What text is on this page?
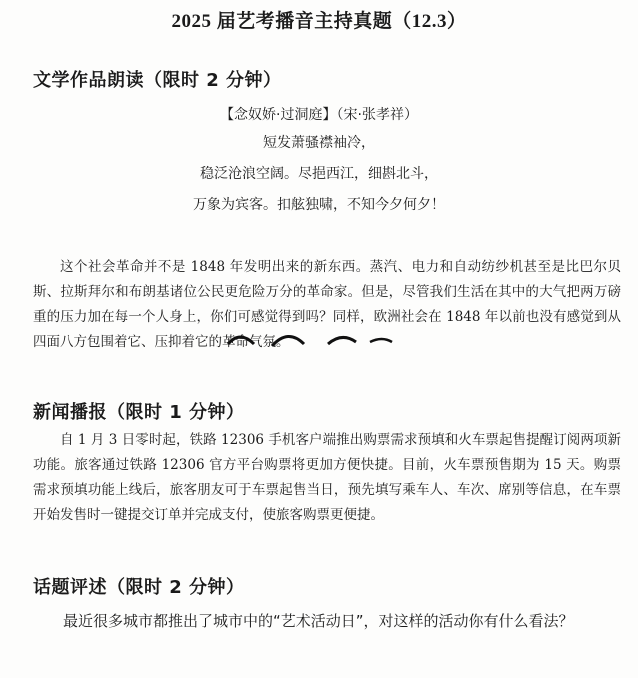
2025 届艺考播音主持真题（12.3）
文学作品朗读（限时 2 分钟）
【念奴娇·过洞庭】（宋·张孝祥）
短发萧骚襟袖冷，
稳泛沧浪空阔。尽挹西江，细斟北斗，
万象为宾客。扣舷独啸，不知今夕何夕！
这个社会革命并不是 1848 年发明出来的新东西。蒸汽、电力和自动纺纱机甚至是比巴尔贝斯、拉斯拜尔和布朗基诸位公民更危险万分的革命家。但是，尽管我们生活在其中的大气把两万磅重的压力加在每一个人身上，你们可感觉得到吗？同样，欧洲社会在 1848 年以前也没有感觉到从四面八方包围着它、压抑着它的革命气氛。
新闻播报（限时 1 分钟）
自 1 月 3 日零时起，铁路 12306 手机客户端推出购票需求预填和火车票起售提醒订阅两项新功能。旅客通过铁路 12306 官方平台购票将更加方便快捷。目前，火车票预售期为 15 天。购票需求预填功能上线后，旅客朋友可于车票起售当日，预先填写乘车人、车次、席别等信息，在车票开始发售时一键提交订单并完成支付，使旅客购票更便捷。
话题评述（限时 2 分钟）
最近很多城市都推出了城市中的“艺术活动日”，对这样的活动你有什么看法？
